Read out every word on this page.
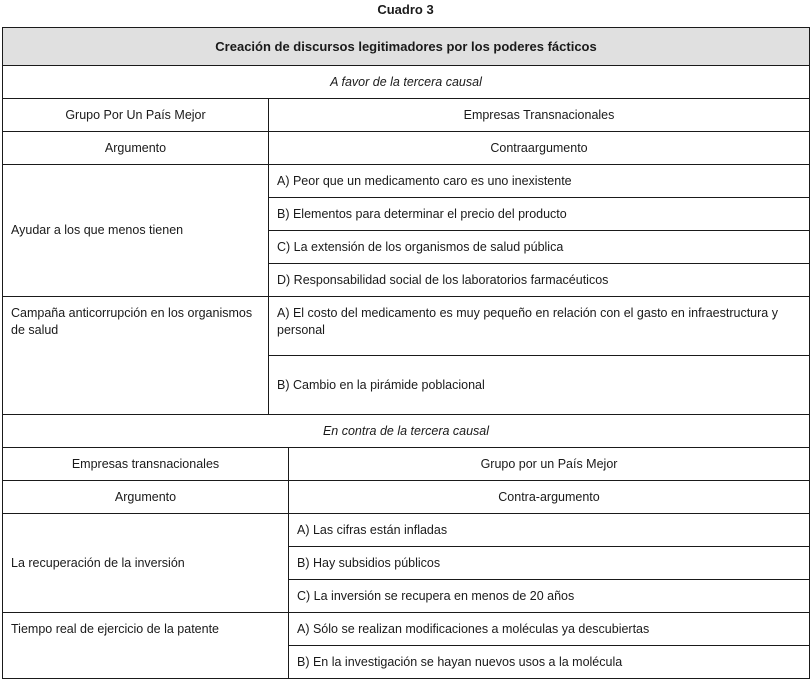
Cuadro 3
Creación de discursos legitimadores por los poderes fácticos		
A favor de la tercera causal		
Grupo Por Un País Mejor	Empresas Transnacionales	
Argumento	Contraargumento	
Ayudar a los que menos tienen	A) Peor que un medicamento caro es uno inexistente	
	B) Elementos para determinar el precio del producto	
	C) La extensión de los organismos de salud pública	
	D) Responsabilidad social de los laboratorios farmacéuticos	
Campaña anticorrupción en los organismos de salud	A) El costo del medicamento es muy pequeño en relación con el gasto en infraestructura y personal	
	B) Cambio en la pirámide poblacional	
En contra de la tercera causal		
Empresas transnacionales		Grupo por un País Mejor
Argumento		Contra-argumento
La recuperación de la inversión		A) Las cifras están infladas
		B) Hay subsidios públicos
		C) La inversión se recupera en menos de 20 años
Tiempo real de ejercicio de la patente		A) Sólo se realizan modificaciones a moléculas ya descubiertas
		B) En la investigación se hayan nuevos usos a la molécula
